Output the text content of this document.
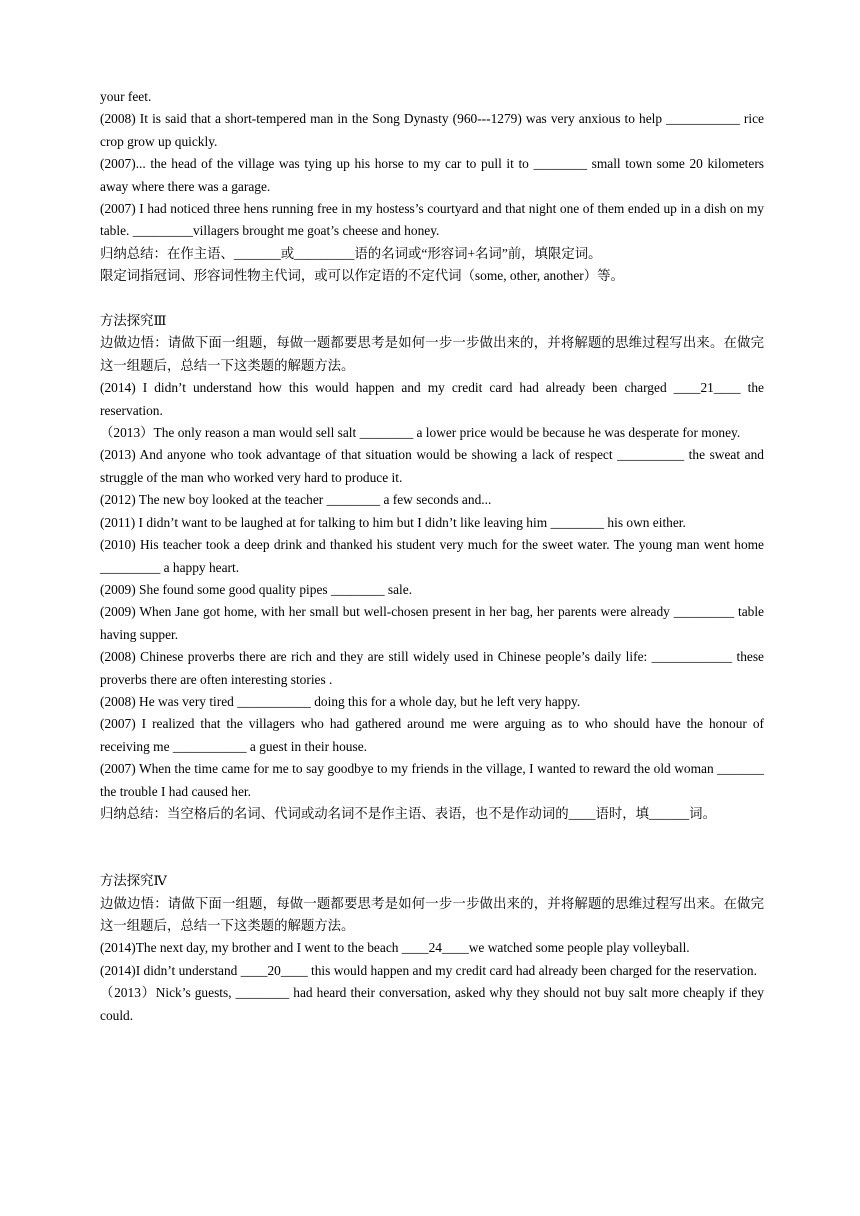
your feet.

(2008) It is said that a short-tempered man in the Song Dynasty (960---1279) was very anxious to help ___________ rice crop grow up quickly.

(2007)... the head of the village was tying up his horse to my car to pull it to ________ small town some 20 kilometers away where there was a garage.

(2007) I had noticed three hens running free in my hostess’s courtyard and that night one of them ended up in a dish on my table. _________villagers brought me goat’s cheese and honey.

归纳总结：在作主语、_______或_________语的名词或“形容词+名词”前，填限定词。

限定词指冠词、形容词性物主代词，或可以作定语的不定代词（some, other, another）等。

方法探究Ⅲ

边做边悟：请做下面一组题，每做一题都要思考是如何一步一步做出来的，并将解题的思维过程写出来。在做完这一组题后，总结一下这类题的解题方法。

(2014) I didn’t understand how this would happen and my credit card had already been charged ____21____ the reservation.

（2013）The only reason a man would sell salt ________ a lower price would be because he was desperate for money.

(2013) And anyone who took advantage of that situation would be showing a lack of respect __________ the sweat and struggle of the man who worked very hard to produce it.

(2012) The new boy looked at the teacher ________ a few seconds and...

(2011) I didn’t want to be laughed at for talking to him but I didn’t like leaving him ________ his own either.

(2010) His teacher took a deep drink and thanked his student very much for the sweet water. The young man went home _________ a happy heart.

(2009) She found some good quality pipes ________ sale.

(2009) When Jane got home, with her small but well-chosen present in her bag, her parents were already _________ table having supper.

(2008) Chinese proverbs there are rich and they are still widely used in Chinese people’s daily life: ____________ these proverbs there are often interesting stories .

(2008) He was very tired ___________ doing this for a whole day, but he left very happy.

(2007) I realized that the villagers who had gathered around me were arguing as to who should have the honour of receiving me ___________ a guest in their house.

(2007) When the time came for me to say goodbye to my friends in the village, I wanted to reward the old woman _______ the trouble I had caused her.

归纳总结：当空格后的名词、代词或动名词不是作主语、表语，也不是作动词的____语时，填______词。

方法探究Ⅳ

边做边悟：请做下面一组题，每做一题都要思考是如何一步一步做出来的，并将解题的思维过程写出来。在做完这一组题后，总结一下这类题的解题方法。

(2014)The next day, my brother and I went to the beach ____24____we watched some people play volleyball.

(2014)I didn’t understand ____20____ this would happen and my credit card had already been charged for the reservation.

（2013）Nick’s guests, ________ had heard their conversation, asked why they should not buy salt more cheaply if they could.
